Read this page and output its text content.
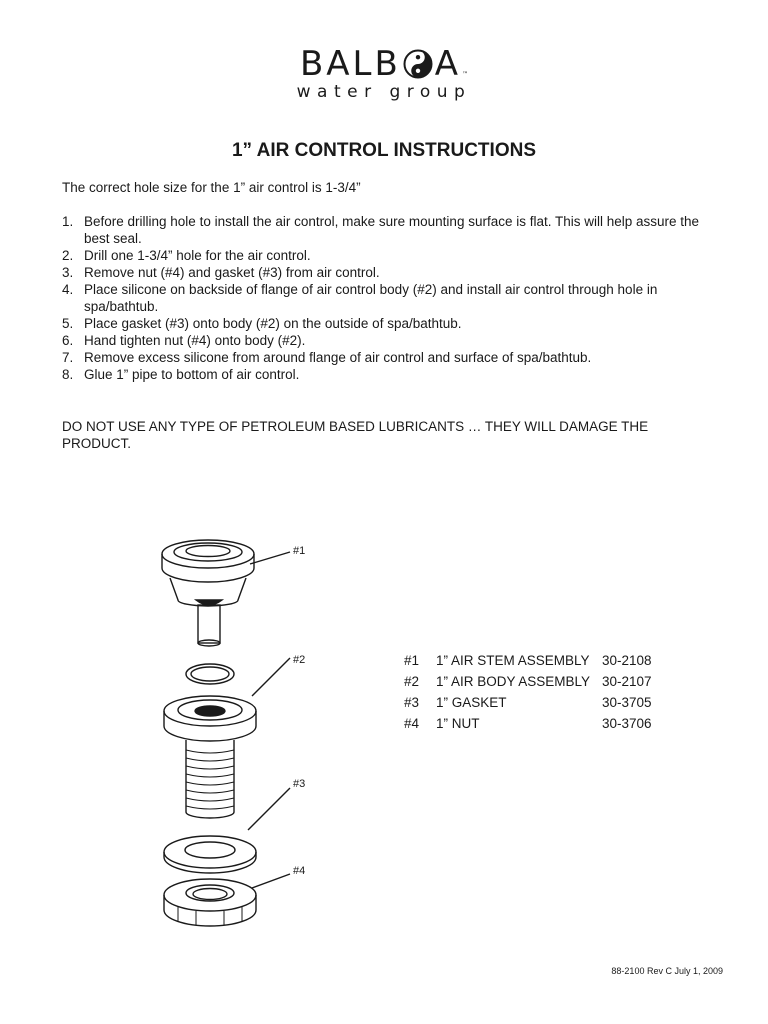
BALB A ™
water group
1” AIR CONTROL INSTRUCTIONS

The correct hole size for the 1” air control is 1-3/4”

1. Before drilling hole to install the air control, make sure mounting surface is flat. This will help assure the best seal.
2. Drill one 1-3/4” hole for the air control.
3. Remove nut (#4) and gasket (#3) from air control.
4. Place silicone on backside of flange of air control body (#2) and install air control through hole in spa/bathtub.
5. Place gasket (#3) onto body (#2) on the outside of spa/bathtub.
6. Hand tighten nut (#4) onto body (#2).
7. Remove excess silicone from around flange of air control and surface of spa/bathtub.
8. Glue 1” pipe to bottom of air control.

DO NOT USE ANY TYPE OF PETROLEUM BASED LUBRICANTS … THEY WILL DAMAGE THE PRODUCT.

#1
#2
#3
#4
#1	1” AIR STEM ASSEMBLY	30-2108
#2	1” AIR BODY ASSEMBLY	30-2107
#3	1” GASKET	30-3705
#4	1” NUT	30-3706
88-2100 Rev C July 1, 2009
